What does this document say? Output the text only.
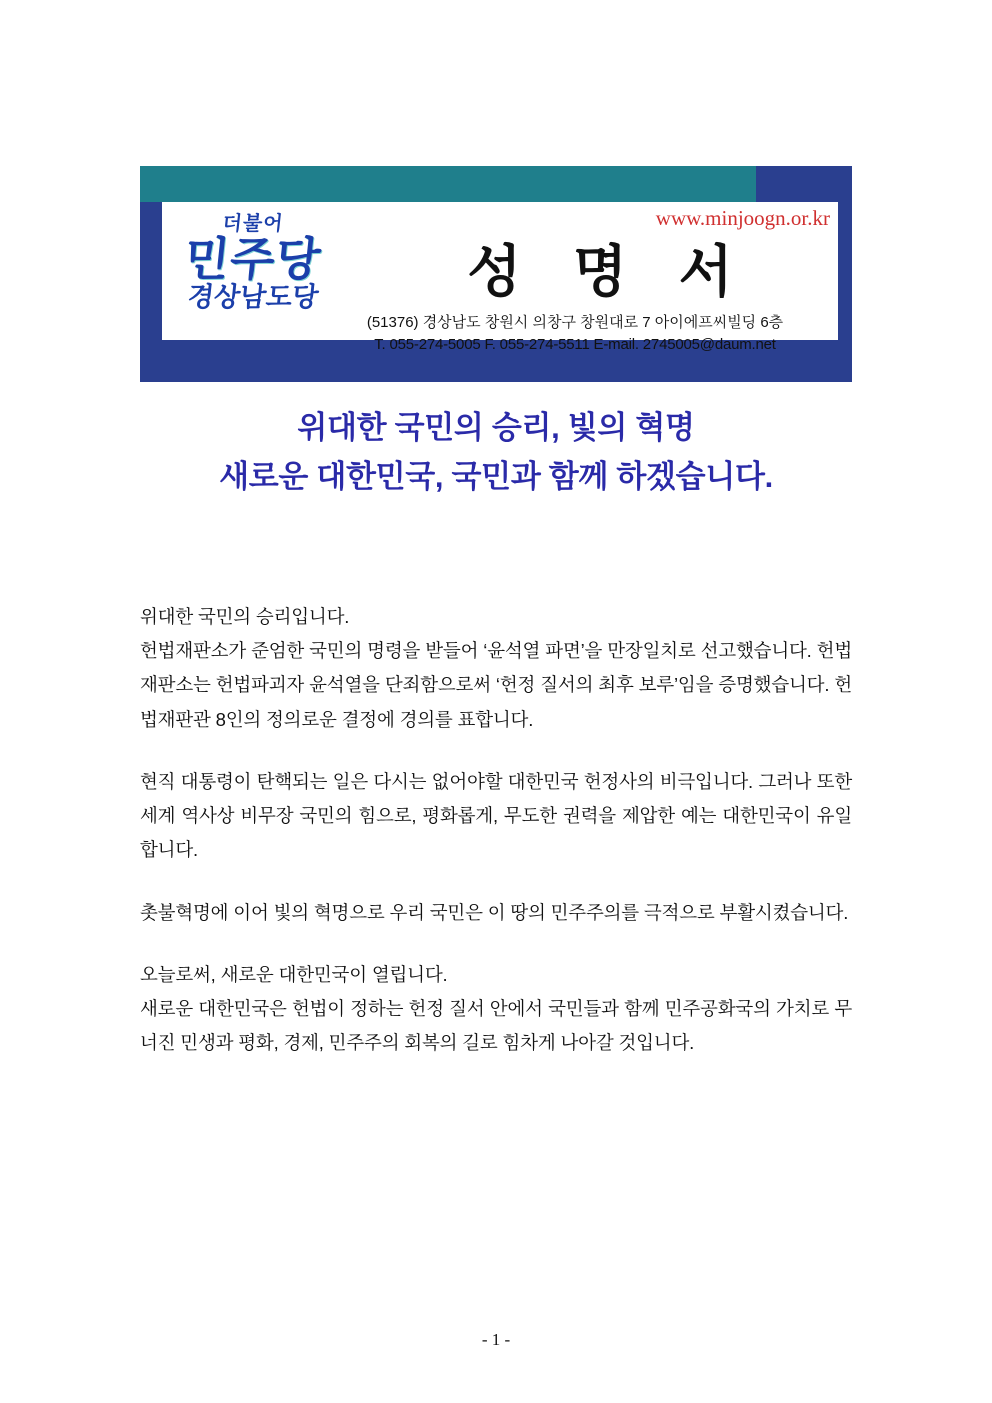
더불어
민주당
경상남도당
www.minjoogn.or.kr
성 명 서
(51376) 경상남도 창원시 의창구 창원대로 7 아이에프씨빌딩 6층
T. 055-274-5005 F. 055-274-5511 E-mail. 2745005@daum.net
위대한 국민의 승리, 빛의 혁명
새로운 대한민국, 국민과 함께 하겠습니다.

위대한 국민의 승리입니다.

헌법재판소가 준엄한 국민의 명령을 받들어 ‘윤석열 파면’을 만장일치로 선고했습니다. 헌법재판소는 헌법파괴자 윤석열을 단죄함으로써 ‘헌정 질서의 최후 보루’임을 증명했습니다. 헌법재판관 8인의 정의로운 결정에 경의를 표합니다.

현직 대통령이 탄핵되는 일은 다시는 없어야할 대한민국 헌정사의 비극입니다. 그러나 또한 세계 역사상 비무장 국민의 힘으로, 평화롭게, 무도한 권력을 제압한 예는 대한민국이 유일합니다.

촛불혁명에 이어 빛의 혁명으로 우리 국민은 이 땅의 민주주의를 극적으로 부활시켰습니다.

오늘로써, 새로운 대한민국이 열립니다.

새로운 대한민국은 헌법이 정하는 헌정 질서 안에서 국민들과 함께 민주공화국의 가치로 무너진 민생과 평화, 경제, 민주주의 회복의 길로 힘차게 나아갈 것입니다.

- 1 -
